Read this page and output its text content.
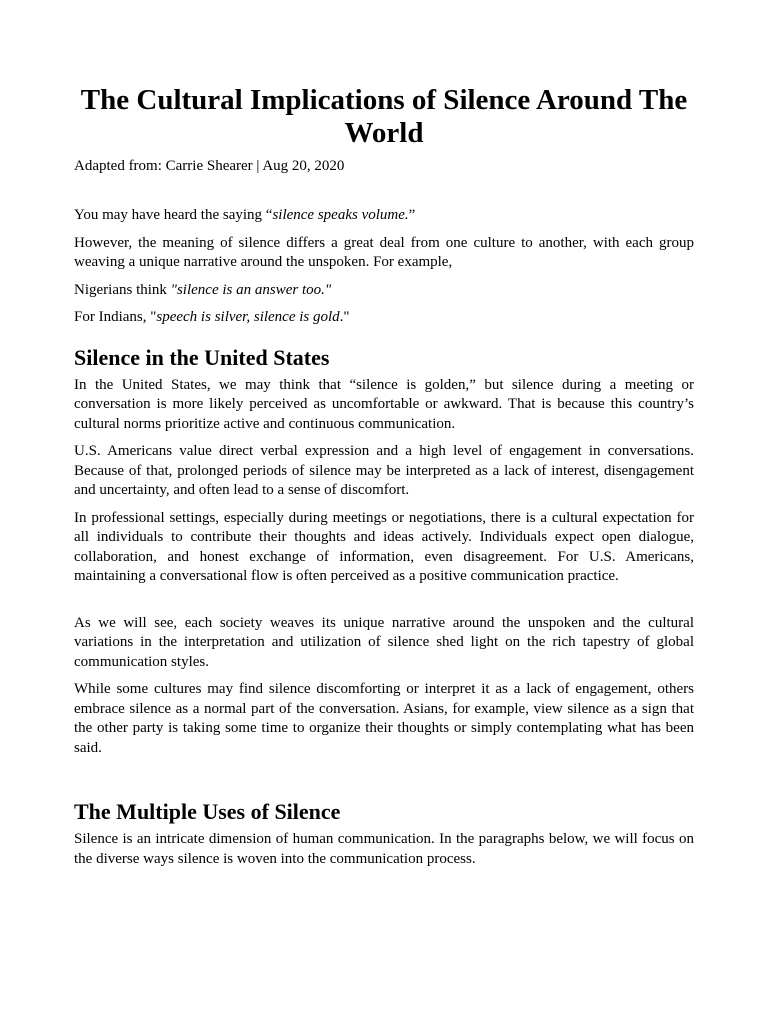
The Cultural Implications of Silence Around The World
Adapted from: Carrie Shearer | Aug 20, 2020

You may have heard the saying “silence speaks volume.”

However, the meaning of silence differs a great deal from one culture to another, with each group weaving a unique narrative around the unspoken. For example,

Nigerians think "silence is an answer too."

For Indians, "speech is silver, silence is gold."

Silence in the United States

In the United States, we may think that “silence is golden,” but silence during a meeting or conversation is more likely perceived as uncomfortable or awkward. That is because this country’s cultural norms prioritize active and continuous communication.

U.S. Americans value direct verbal expression and a high level of engagement in conversations. Because of that, prolonged periods of silence may be interpreted as a lack of interest, disengagement and uncertainty, and often lead to a sense of discomfort.

In professional settings, especially during meetings or negotiations, there is a cultural expectation for all individuals to contribute their thoughts and ideas actively. Individuals expect open dialogue, collaboration, and honest exchange of information, even disagreement. For U.S. Americans, maintaining a conversational flow is often perceived as a positive communication practice.

As we will see, each society weaves its unique narrative around the unspoken and the cultural variations in the interpretation and utilization of silence shed light on the rich tapestry of global communication styles.

While some cultures may find silence discomforting or interpret it as a lack of engagement, others embrace silence as a normal part of the conversation. Asians, for example, view silence as a sign that the other party is taking some time to organize their thoughts or simply contemplating what has been said.

The Multiple Uses of Silence

Silence is an intricate dimension of human communication. In the paragraphs below, we will focus on the diverse ways silence is woven into the communication process.
